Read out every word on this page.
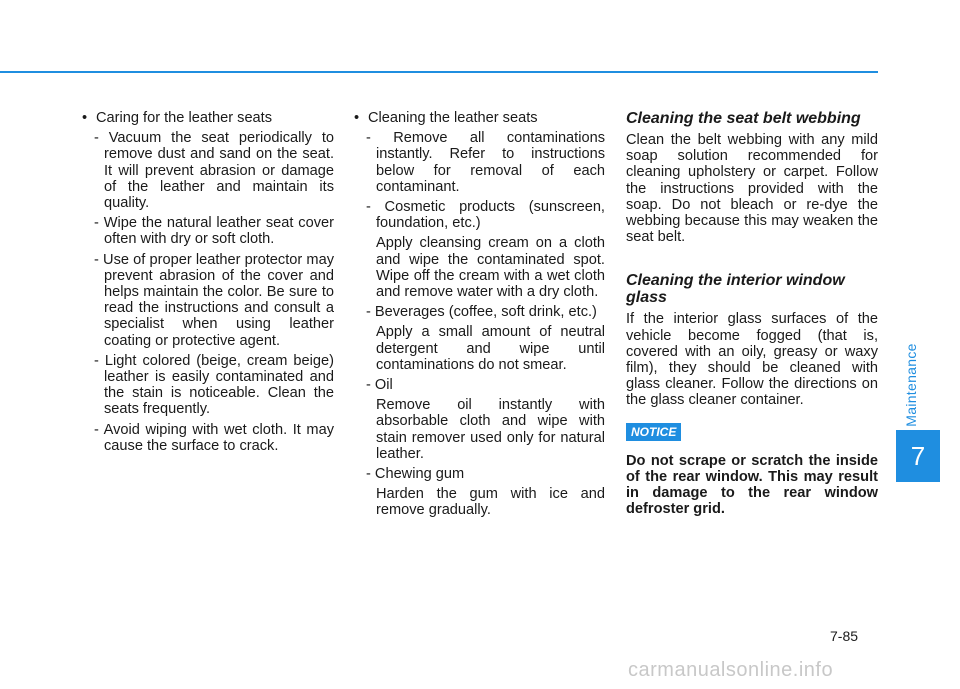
Maintenance
7
• Caring for the leather seats
- Vacuum the seat periodically to remove dust and sand on the seat. It will prevent abrasion or damage of the leather and maintain its quality.
- Wipe the natural leather seat cover often with dry or soft cloth.
- Use of proper leather protector may prevent abrasion of the cover and helps maintain the color. Be sure to read the instructions and consult a specialist when using leather coating or protective agent.
- Light colored (beige, cream beige) leather is easily contaminated and the stain is noticeable. Clean the seats frequently.
- Avoid wiping with wet cloth. It may cause the surface to crack.
• Cleaning the leather seats
- Remove all contaminations instantly. Refer to instructions below for removal of each contaminant.
- Cosmetic products (sunscreen, foundation, etc.)
Apply cleansing cream on a cloth and wipe the contaminated spot. Wipe off the cream with a wet cloth and remove water with a dry cloth.
- Beverages (coffee, soft drink, etc.)
Apply a small amount of neutral detergent and wipe until contaminations do not smear.
- Oil
Remove oil instantly with absorbable cloth and wipe with stain remover used only for natural leather.
- Chewing gum
Harden the gum with ice and remove gradually.
Cleaning the seat belt webbing
Clean the belt webbing with any mild soap solution recommended for cleaning upholstery or carpet. Follow the instructions provided with the soap. Do not bleach or re-dye the webbing because this may weaken the seat belt.
Cleaning the interior window glass
If the interior glass surfaces of the vehicle become fogged (that is, covered with an oily, greasy or waxy film), they should be cleaned with glass cleaner. Follow the directions on the glass cleaner container.
NOTICE
Do not scrape or scratch the inside of the rear window. This may result in damage to the rear window defroster grid.
7-85
carmanualsonline.info
